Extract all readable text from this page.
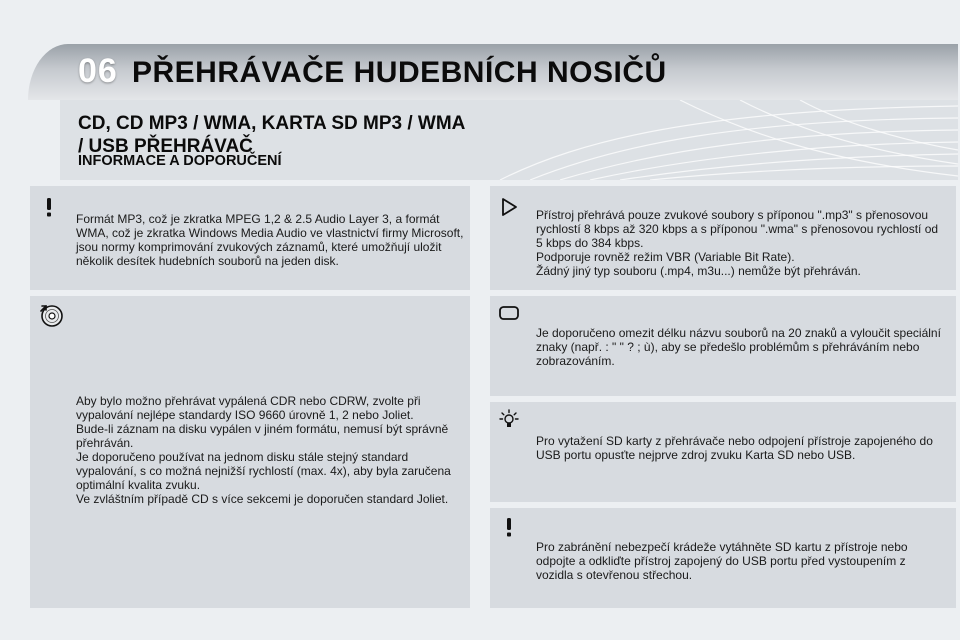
06 PŘEHRÁVAČE HUDEBNÍCH NOSIČŮ
CD, CD MP3 / WMA, KARTA SD MP3 / WMA / USB PŘEHRÁVAČ
INFORMACE A DOPORUČENÍ
Formát MP3, což je zkratka MPEG 1,2 & 2.5 Audio Layer 3, a formát WMA, což je zkratka Windows Media Audio ve vlastnictví firmy Microsoft, jsou normy komprimování zvukových záznamů, které umožňují uložit několik desítek hudebních souborů na jeden disk.

Aby bylo možno přehrávat vypálená CDR nebo CDRW, zvolte při vypalování nejlépe standardy ISO 9660 úrovně 1, 2 nebo Joliet.

Bude-li záznam na disku vypálen v jiném formátu, nemusí být správně přehráván.

Je doporučeno používat na jednom disku stále stejný standard vypalování, s co možná nejnižší rychlostí (max. 4x), aby byla zaručena optimální kvalita zvuku.

Ve zvláštním případě CD s více sekcemi je doporučen standard Joliet.

Přístroj přehrává pouze zvukové soubory s příponou ".mp3" s přenosovou rychlostí 8 kbps až 320 kbps a s příponou ".wma" s přenosovou rychlostí od 5 kbps do 384 kbps.

Podporuje rovněž režim VBR (Variable Bit Rate).

Žádný jiný typ souboru (.mp4, m3u...) nemůže být přehráván.

Je doporučeno omezit délku názvu souborů na 20 znaků a vyloučit speciální znaky (např. : " " ? ; ù), aby se předešlo problémům s přehráváním nebo zobrazováním.
Pro vytažení SD karty z přehrávače nebo odpojení přístroje zapojeného do USB portu opusťte nejprve zdroj zvuku Karta SD nebo USB.
Pro zabránění nebezpečí krádeže vytáhněte SD kartu z přístroje nebo odpojte a odkliďte přístroj zapojený do USB portu před vystoupením z vozidla s otevřenou střechou.
